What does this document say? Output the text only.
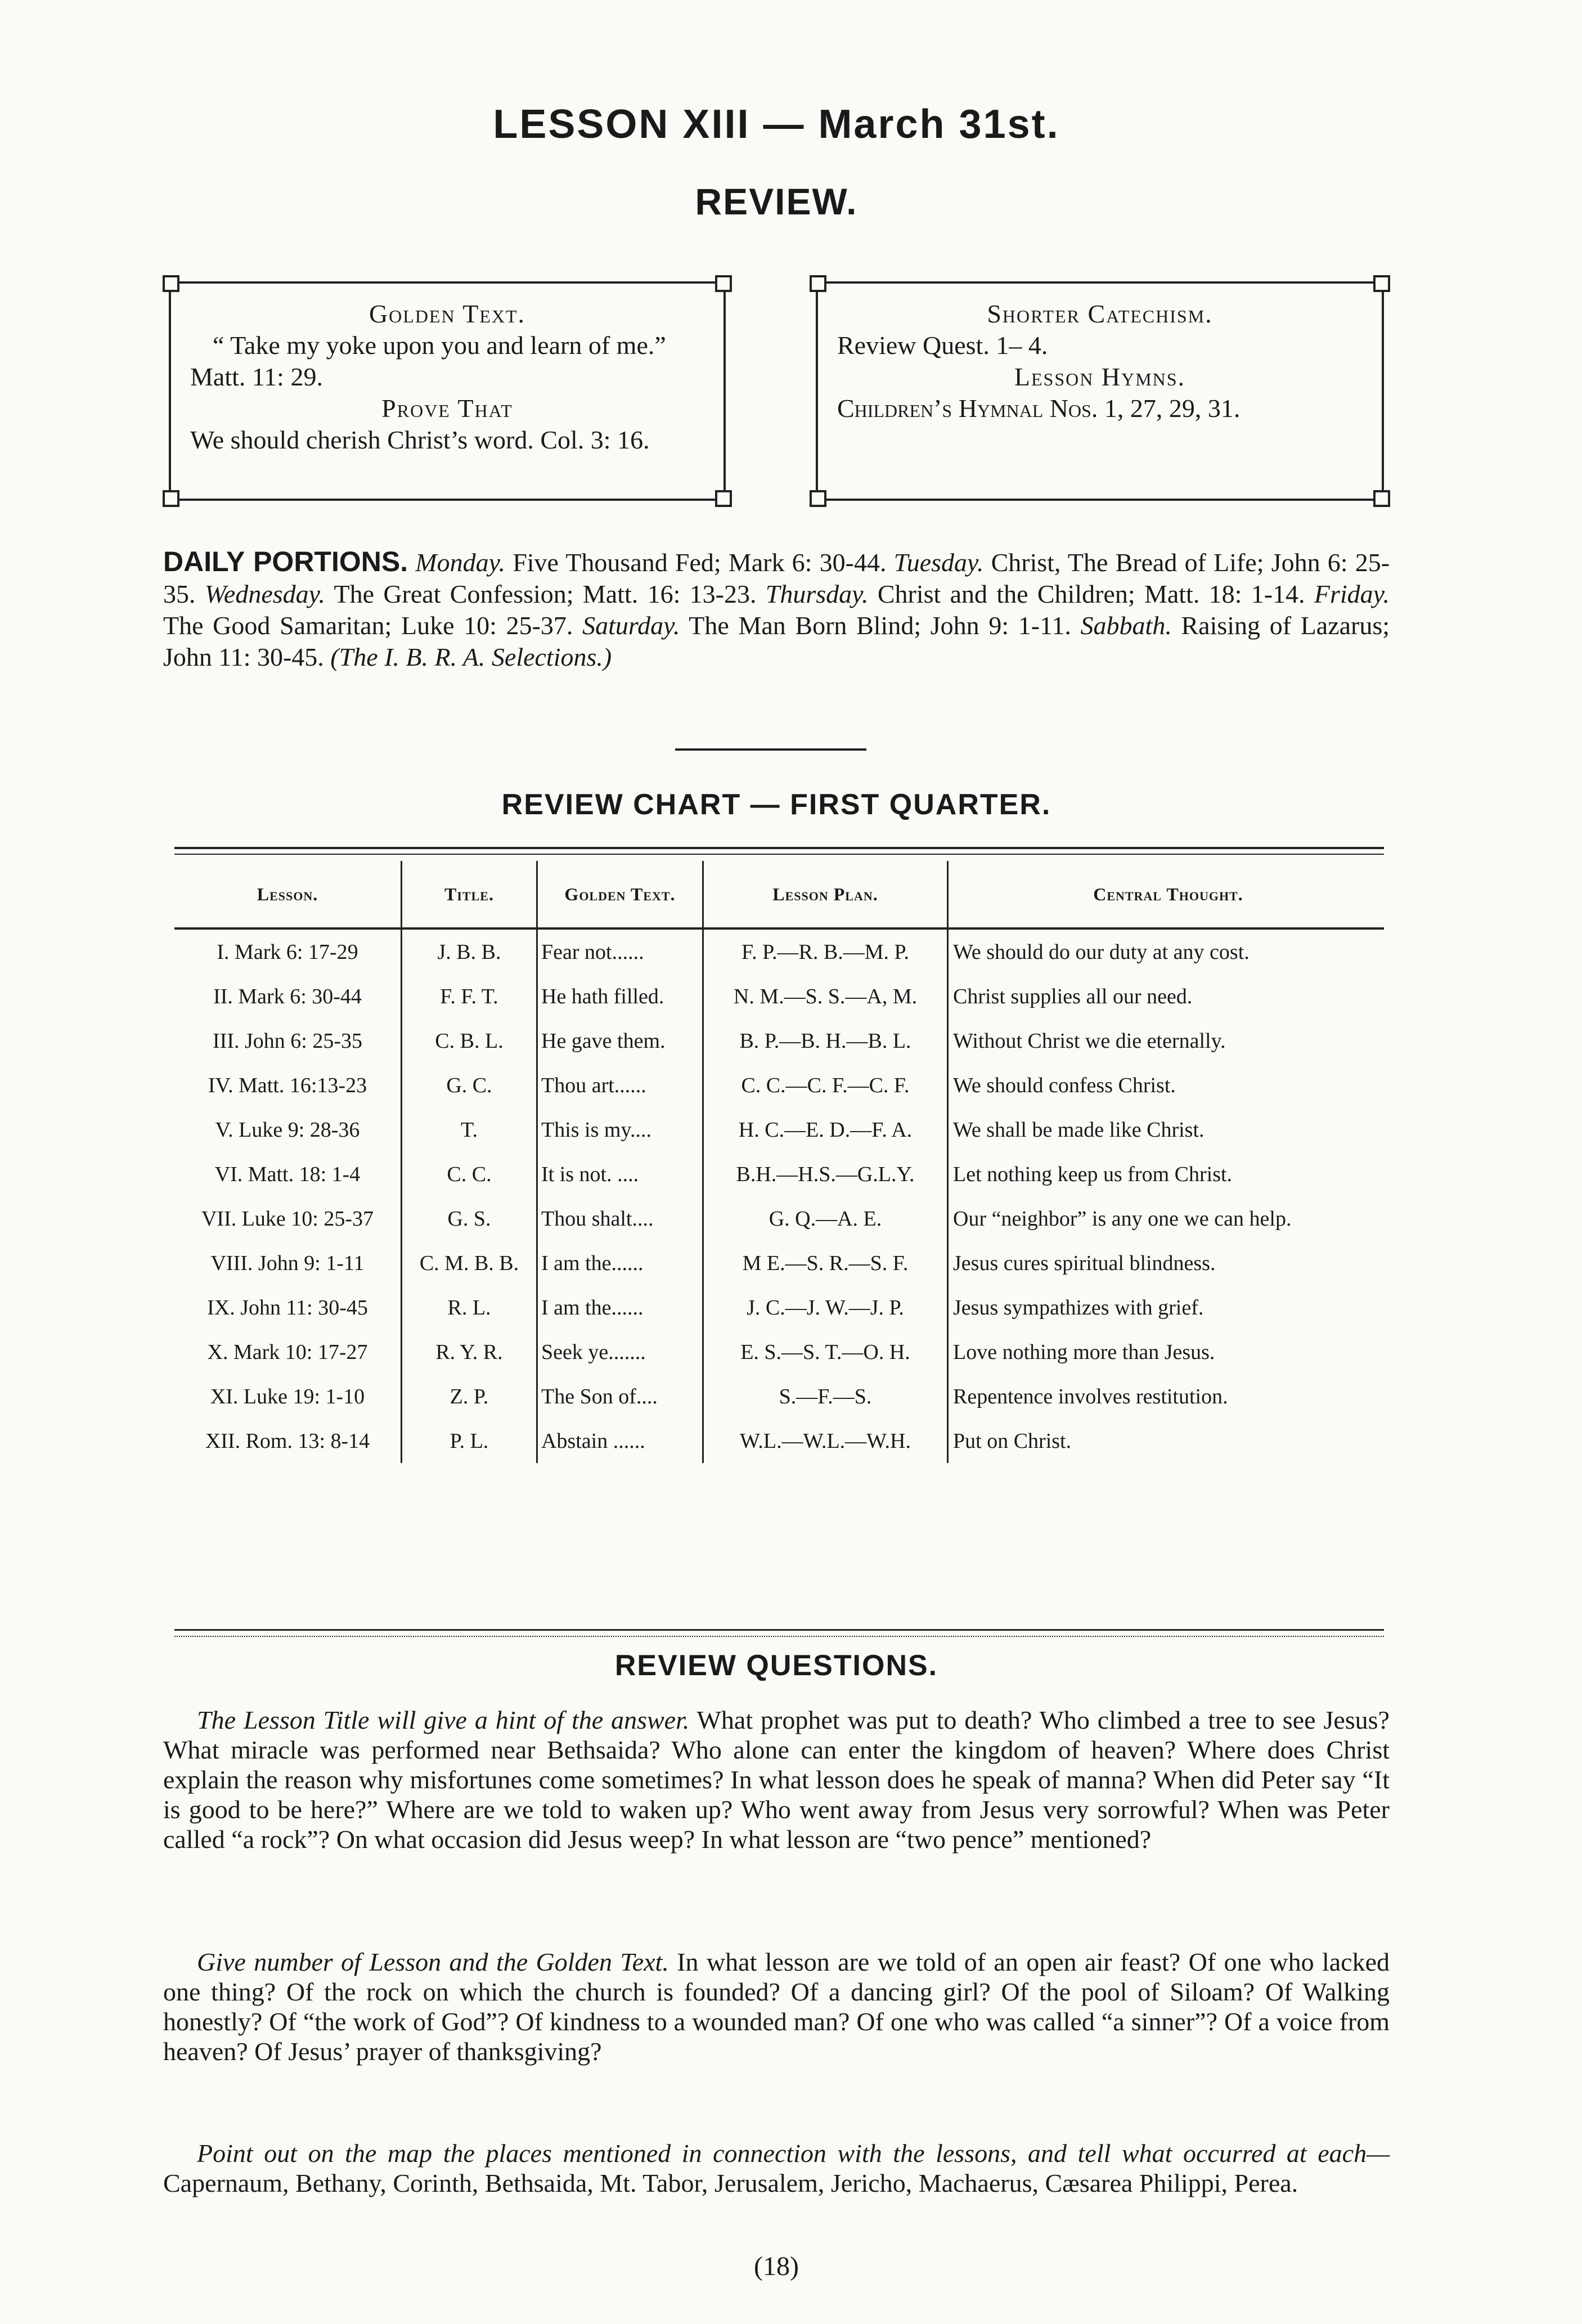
LESSON XIII — March 31st.
REVIEW.
Golden Text.
“ Take my yoke upon you and learn of me.” Matt. 11: 29.
Prove That
We should cherish Christ’s word. Col. 3: 16.
Shorter Catechism.
Review Quest. 1– 4.
Lesson Hymns.
Children’s Hymnal Nos. 1, 27, 29, 31.
DAILY PORTIONS. Monday. Five Thousand Fed; Mark 6: 30-44. Tuesday. Christ, The Bread of Life; John 6: 25-35. Wednesday. The Great Confession; Matt. 16: 13-23. Thursday. Christ and the Children; Matt. 18: 1-14. Friday. The Good Samaritan; Luke 10: 25-37. Saturday. The Man Born Blind; John 9: 1-11. Sabbath. Raising of Lazarus; John 11: 30-45. (The I. B. R. A. Selections.)
REVIEW CHART — FIRST QUARTER.
Lesson.	Title.	Golden Text.	Lesson Plan.	Central Thought.
I. Mark 6: 17-29	J. B. B.	Fear not......	F. P.—R. B.—M. P.	We should do our duty at any cost.
II. Mark 6: 30-44	F. F. T.	He hath filled.	N. M.—S. S.—A, M.	Christ supplies all our need.
III. John 6: 25-35	C. B. L.	He gave them.	B. P.—B. H.—B. L.	Without Christ we die eternally.
IV. Matt. 16:13-23	G. C.	Thou art......	C. C.—C. F.—C. F.	We should confess Christ.
V. Luke 9: 28-36	T.	This is my....	H. C.—E. D.—F. A.	We shall be made like Christ.
VI. Matt. 18: 1-4	C. C.	It is not. ....	B.H.—H.S.—G.L.Y.	Let nothing keep us from Christ.
VII. Luke 10: 25-37	G. S.	Thou shalt....	G. Q.—A. E.	Our “neighbor” is any one we can help.
VIII. John 9: 1-11	C. M. B. B.	I am the......	M E.—S. R.—S. F.	Jesus cures spiritual blindness.
IX. John 11: 30-45	R. L.	I am the......	J. C.—J. W.—J. P.	Jesus sympathizes with grief.
X. Mark 10: 17-27	R. Y. R.	Seek ye.......	E. S.—S. T.—O. H.	Love nothing more than Jesus.
XI. Luke 19: 1-10	Z. P.	The Son of....	S.—F.—S.	Repentence involves restitution.
XII. Rom. 13: 8-14	P. L.	Abstain ......	W.L.—W.L.—W.H.	Put on Christ.
REVIEW QUESTIONS.
The Lesson Title will give a hint of the answer. What prophet was put to death? Who climbed a tree to see Jesus? What miracle was performed near Bethsaida? Who alone can enter the kingdom of heaven? Where does Christ explain the reason why misfortunes come sometimes? In what lesson does he speak of manna? When did Peter say “It is good to be here?” Where are we told to waken up? Who went away from Jesus very sorrowful? When was Peter called “a rock”? On what occasion did Jesus weep? In what lesson are “two pence” mentioned?
Give number of Lesson and the Golden Text. In what lesson are we told of an open air feast? Of one who lacked one thing? Of the rock on which the church is founded? Of a dancing girl? Of the pool of Siloam? Of Walking honestly? Of “the work of God”? Of kindness to a wounded man? Of one who was called “a sinner”? Of a voice from heaven? Of Jesus’ prayer of thanksgiving?
Point out on the map the places mentioned in connection with the lessons, and tell what occurred at each— Capernaum, Bethany, Corinth, Bethsaida, Mt. Tabor, Jerusalem, Jericho, Machaerus, Cæsarea Philippi, Perea.
(18)
